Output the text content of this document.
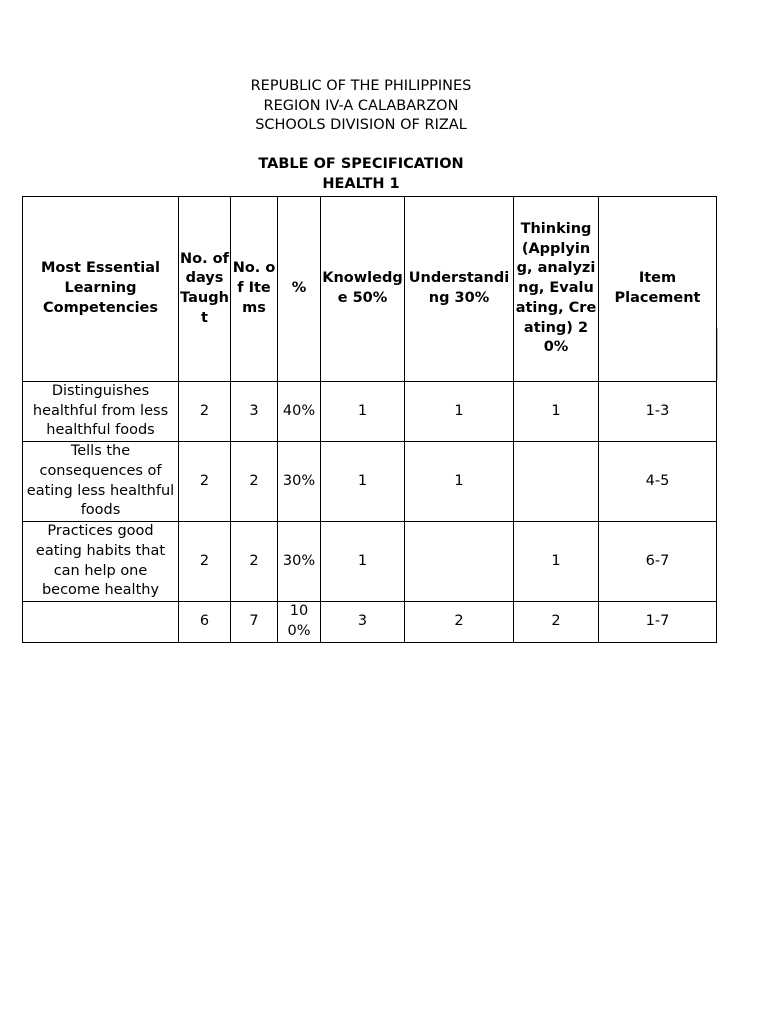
REPUBLIC OF THE PHILIPPINES
REGION IV-A CALABARZON
SCHOOLS DIVISION OF RIZAL
TABLE OF SPECIFICATION
HEALTH 1
Most Essential Learning Competencies	No. of days Taught	No. of Items	%	Knowledge 50%	Understanding 30%	Thinking (Applying, analyzing, Evaluating, Creating) 20%	Item Placement
Distinguishes healthful from less healthful foods	2	3	40%	1	1	1	1-3
Tells the consequences of eating less healthful foods	2	2	30%	1	1		4-5
Practices good eating habits that can help one become healthy	2	2	30%	1		1	6-7
	6	7	100%	3	2	2	1-7
